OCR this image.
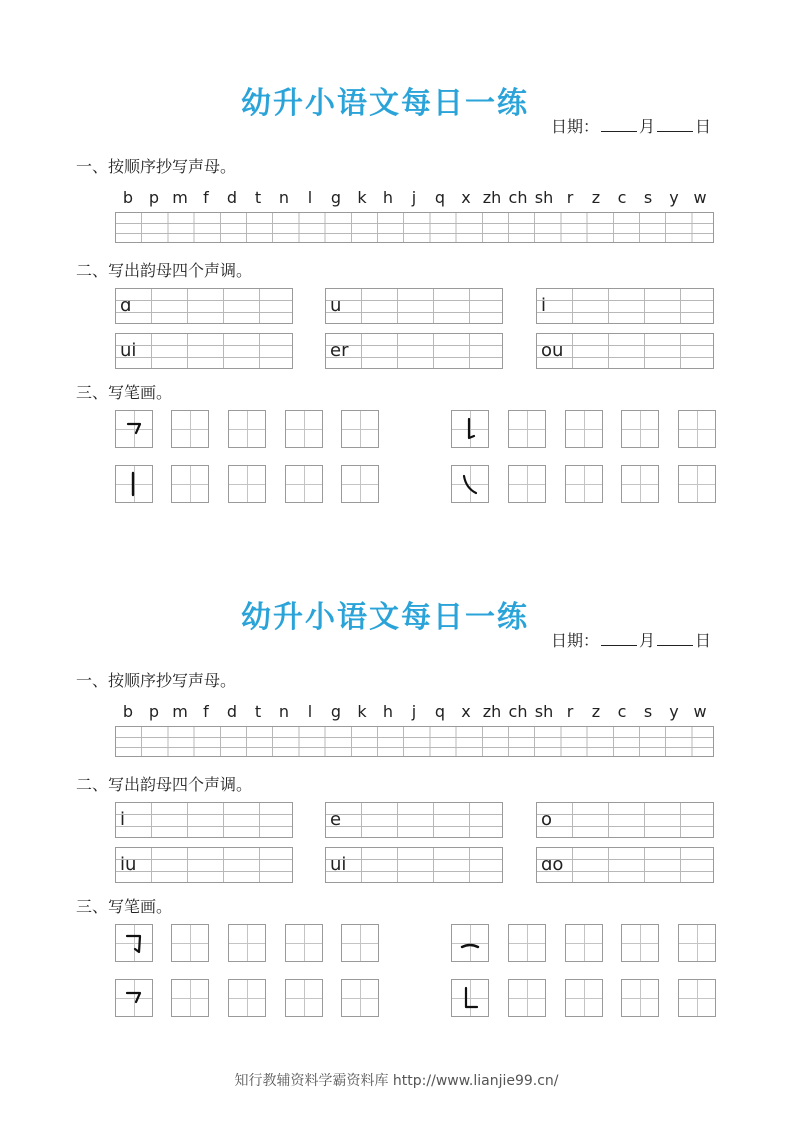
幼升小语文每日一练
日期：	月	日
一、按顺序抄写声母。
b p m f	d	t	n	l	g	k	h	j	q	x zh ch sh r	z	c	s	y w
二、写出韵母四个声调。
ɑ	u	i
ui	er	ou
三、写笔画。
幼升小语文每日一练
日期：	月	日
一、按顺序抄写声母。
b p m f	d	t	n	l	g	k	h	j	q	x zh ch sh r	z	c	s	y w
二、写出韵母四个声调。
i	e	o
iu	ui	ɑo
三、写笔画。
知行教辅资料学霸资料库 http://www.lianjie99.cn/
